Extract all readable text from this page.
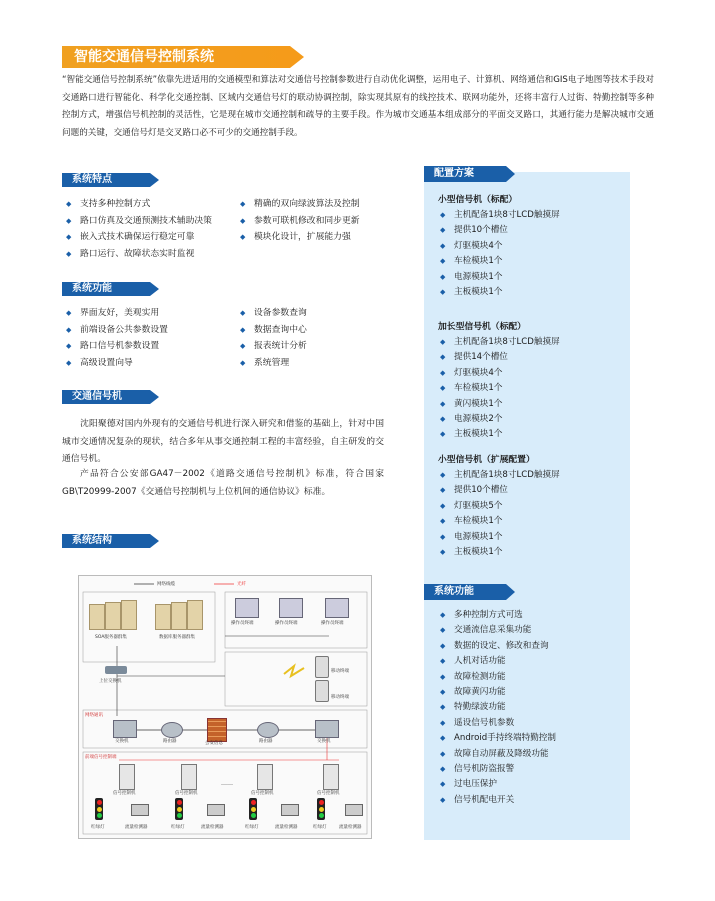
智能交通信号控制系统
“智能交通信号控制系统”依靠先进适用的交通模型和算法对交通信号控制参数进行自动优化调整，运用电子、计算机、网络通信和GIS电子地图等技术手段对交通路口进行智能化、科学化交通控制、区域内交通信号灯的联动协调控制，除实现其原有的线控技术、联网功能外，还将丰富行人过街、特勤控制等多种控制方式，增强信号机控制的灵活性，它是现在城市交通控制和疏导的主要手段。作为城市交通基本组成部分的平面交叉路口，其通行能力是解决城市交通问题的关键，交通信号灯是交叉路口必不可少的交通控制手段。
系统特点
◆ 支持多种控制方式
◆ 路口仿真及交通预测技术辅助决策
◆ 嵌入式技术确保运行稳定可靠
◆ 路口运行、故障状态实时监视
◆ 精确的双向绿波算法及控制
◆ 参数可联机修改和同步更新
◆ 模块化设计，扩展能力强
系统功能
◆ 界面友好，美观实用
◆ 前端设备公共参数设置
◆ 路口信号机参数设置
◆ 高级设置向导
◆ 设备参数查询
◆ 数据查询中心
◆ 报表统计分析
◆ 系统管理
交通信号机
沈阳聚德对国内外现有的交通信号机进行深入研究和借鉴的基础上，针对中国城市交通情况复杂的现状，结合多年从事交通控制工程的丰富经验，自主研发的交通信号机。
产品符合公安部GA47－2002《道路交通信号控制机》标准，符合国家GB\T20999-2007《交通信号控制机与上位机间的通信协议》标准。
系统结构
网络线缆	光纤
SOA服务器群集	数据库服务器群集
上位交换机
操作员终端	操作员终端	操作员终端
移动终端
移动终端
网络通讯
交换机	路由器	公安信息	路由器	交换机
前端信号控制端
信号控制机	信号控制机
……
信号控制机	信号控制机
红绿灯	流量检测器	红绿灯	流量检测器	红绿灯	流量检测器	红绿灯	流量检测器
配置方案
小型信号机（标配）
◆ 主机配备1块8寸LCD触摸屏
◆ 提供10个槽位
◆ 灯驱模块4个
◆ 车检模块1个
◆ 电源模块1个
◆ 主板模块1个
加长型信号机（标配）
◆ 主机配备1块8寸LCD触摸屏
◆ 提供14个槽位
◆ 灯驱模块4个
◆ 车检模块1个
◆ 黄闪模块1个
◆ 电源模块2个
◆ 主板模块1个
小型信号机（扩展配置）
◆ 主机配备1块8寸LCD触摸屏
◆ 提供10个槽位
◆ 灯驱模块5个
◆ 车检模块1个
◆ 电源模块1个
◆ 主板模块1个
系统功能
◆ 多种控制方式可选
◆ 交通流信息采集功能
◆ 数据的设定、修改和查询
◆ 人机对话功能
◆ 故障检测功能
◆ 故障黄闪功能
◆ 特勤绿波功能
◆ 遥设信号机参数
◆ Android手持终端特勤控制
◆ 故障自动屏蔽及降级功能
◆ 信号机防盗报警
◆ 过电压保护
◆ 信号机配电开关
